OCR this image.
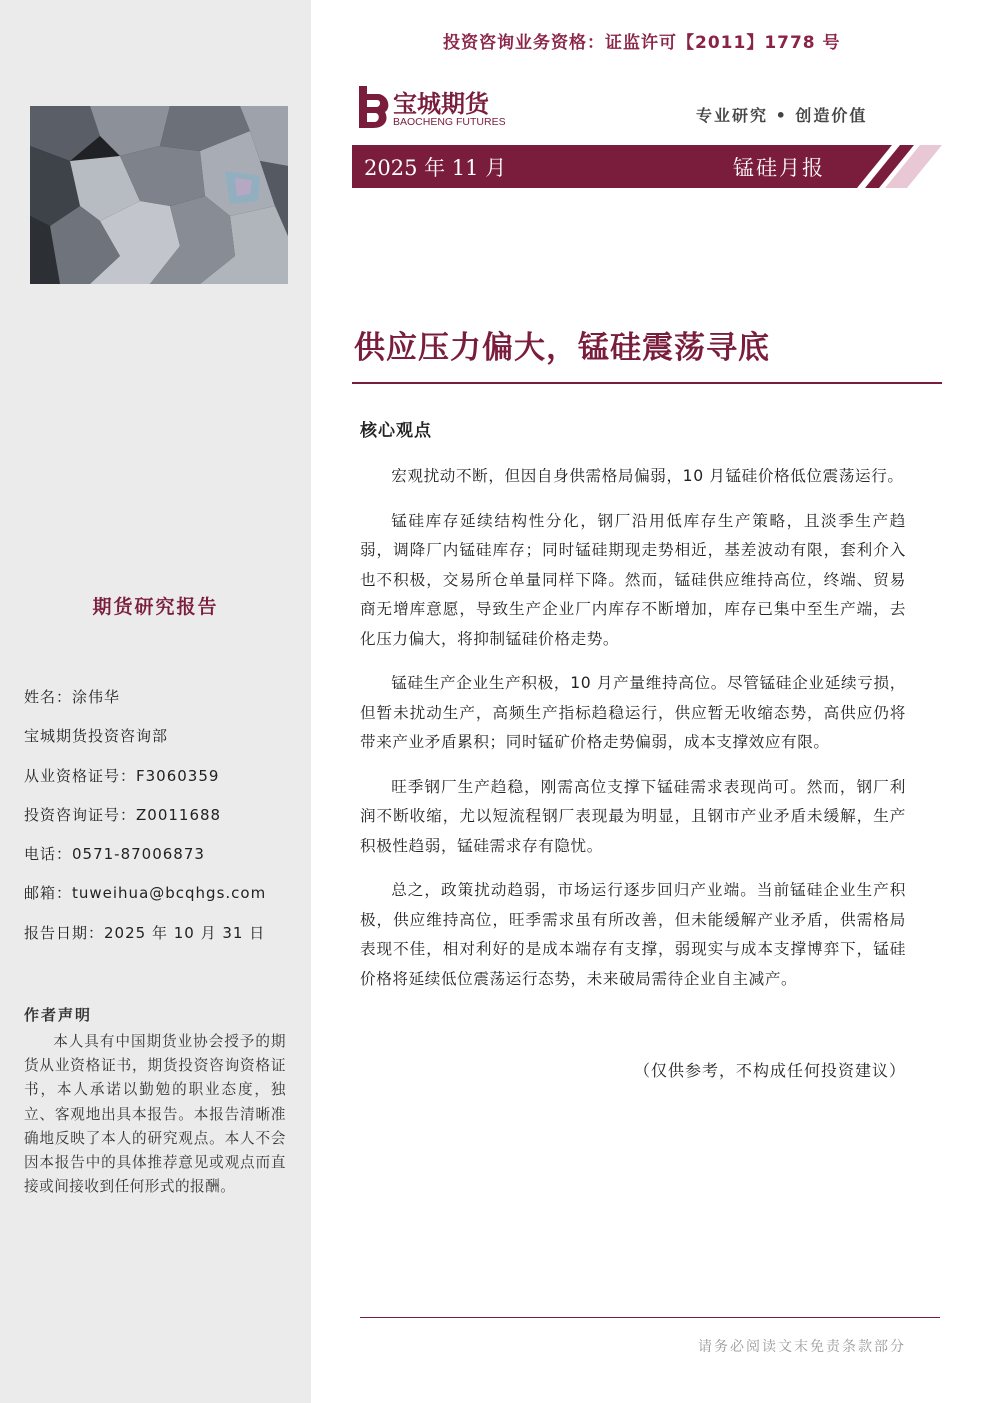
期货研究报告
姓名：涂伟华
宝城期货投资咨询部
从业资格证号：F3060359
投资咨询证号：Z0011688
电话：0571-87006873
邮箱：tuweihua@bcqhgs.com
报告日期：2025 年 10 月 31 日
作者声明
本人具有中国期货业协会授予的期货从业资格证书，期货投资咨询资格证书，本人承诺以勤勉的职业态度，独立、客观地出具本报告。本报告清晰准确地反映了本人的研究观点。本人不会因本报告中的具体推荐意见或观点而直接或间接收到任何形式的报酬。
投资咨询业务资格：证监许可【2011】1778 号
宝城期货
BAOCHENG FUTURES	专业研究 • 创造价值
2025 年 11 月	锰硅月报
供应压力偏大，锰硅震荡寻底
核心观点

宏观扰动不断，但因自身供需格局偏弱，10 月锰硅价格低位震荡运行。

锰硅库存延续结构性分化，钢厂沿用低库存生产策略，且淡季生产趋弱，调降厂内锰硅库存；同时锰硅期现走势相近，基差波动有限，套利介入也不积极，交易所仓单量同样下降。然而，锰硅供应维持高位，终端、贸易商无增库意愿，导致生产企业厂内库存不断增加，库存已集中至生产端，去化压力偏大，将抑制锰硅价格走势。

锰硅生产企业生产积极，10 月产量维持高位。尽管锰硅企业延续亏损，但暂未扰动生产，高频生产指标趋稳运行，供应暂无收缩态势，高供应仍将带来产业矛盾累积；同时锰矿价格走势偏弱，成本支撑效应有限。

旺季钢厂生产趋稳，刚需高位支撑下锰硅需求表现尚可。然而，钢厂利润不断收缩，尤以短流程钢厂表现最为明显，且钢市产业矛盾未缓解，生产积极性趋弱，锰硅需求存有隐忧。

总之，政策扰动趋弱，市场运行逐步回归产业端。当前锰硅企业生产积极，供应维持高位，旺季需求虽有所改善，但未能缓解产业矛盾，供需格局表现不佳，相对利好的是成本端存有支撑，弱现实与成本支撑博弈下，锰硅价格将延续低位震荡运行态势，未来破局需待企业自主减产。

（仅供参考，不构成任何投资建议）
请务必阅读文末免责条款部分
